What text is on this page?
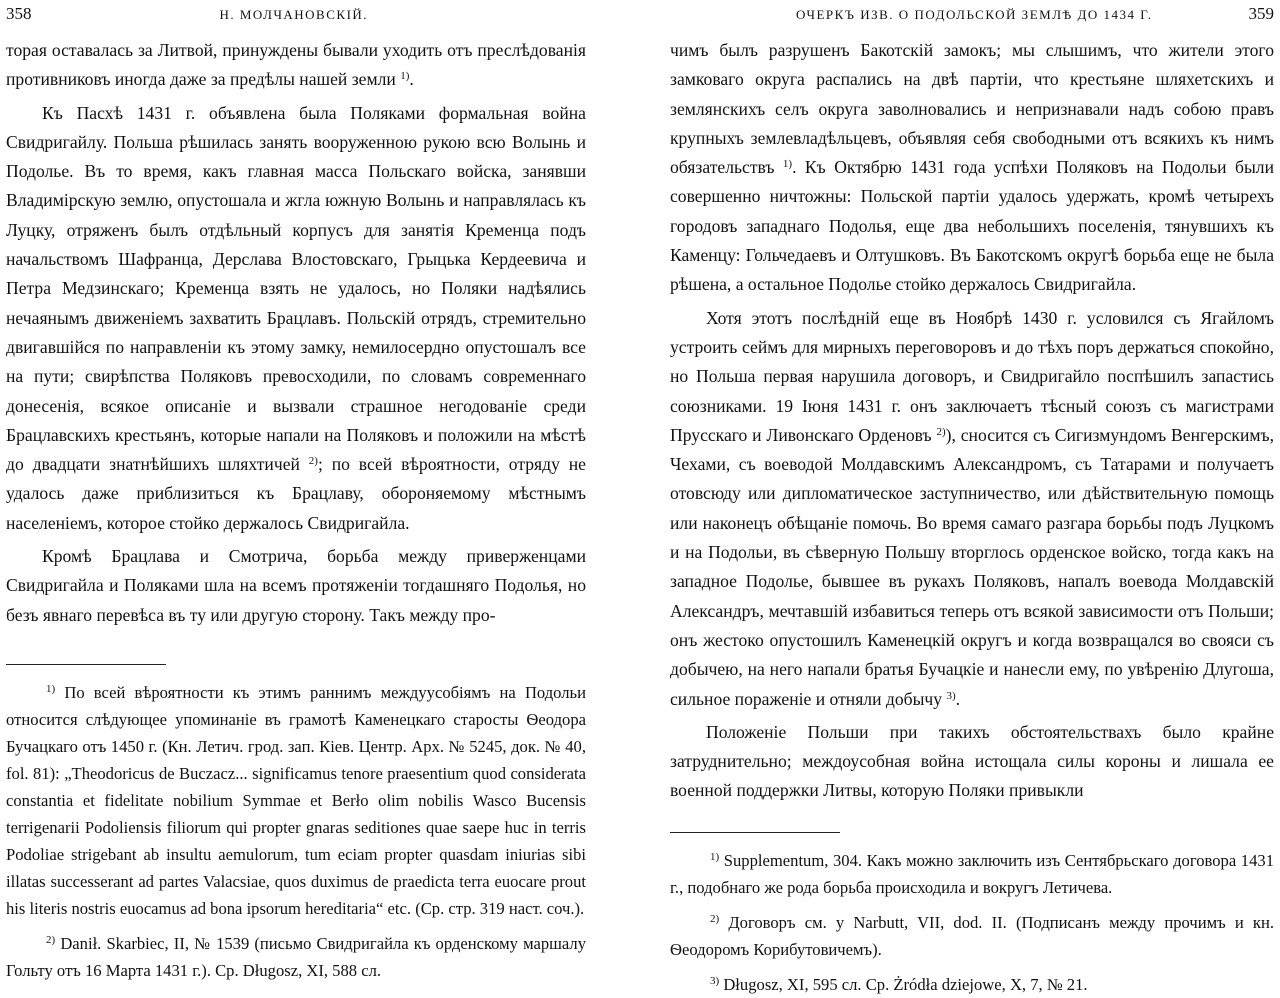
358	Н. МОЛЧАНОВСКІЙ.

торая оставалась за Литвой, принуждены бывали уходить отъ преслѣдованія противниковъ иногда даже за предѣлы нашей земли $^{1)}$.

Къ Пасхѣ 1431 г. объявлена была Поляками формальная война Свидригайлу. Польша рѣшилась занять вооруженною рукою всю Волынь и Подолье. Въ то время, какъ главная масса Польскаго войска, занявши Владимірскую землю, опустошала и жгла южную Волынь и направлялась къ Луцку, отряженъ былъ отдѣльный корпусъ для занятія Кременца подъ начальствомъ Шафранца, Дерслава Влостовскаго, Грыцька Кердеевича и Петра Медзинскаго; Кременца взять не удалось, но Поляки надѣялись нечаянымъ движеніемъ захватить Брацлавъ. Польскій отрядъ, стремительно двигавшійся по направленіи къ этому замку, немилосердно опустошалъ все на пути; свирѣпства Поляковъ превосходили, по словамъ современнаго донесенія, всякое описаніе и вызвали страшное негодованіе среди Брацлавскихъ крестьянъ, которые напали на Поляковъ и положили на мѣстѣ до двадцати знатнѣйшихъ шляхтичей $^{2)}$; по всей вѣроятности, отряду не удалось даже приблизиться къ Брацлаву, обороняемому мѣстнымъ населеніемъ, которое стойко держалось Свидригайла.

Кромѣ Брацлава и Смотрича, борьба между приверженцами Свидригайла и Поляками шла на всемъ протяженіи тогдашняго Подолья, но безъ явнаго перевѣса въ ту или другую сторону. Такъ между про-

$^{1)}$ По всей вѣроятности къ этимъ раннимъ междуусобіямъ на Подольи относится слѣдующее упоминаніе въ грамотѣ Каменецкаго старосты Ѳеодора Бучацкаго отъ 1450 г. (Кн. Летич. грод. зап. Кіев. Центр. Арх. № 5245, док. № 40, fol. 81): „Theodoricus de Buczacz... significamus tenore praesentium quod considerata constantia et fidelitate nobilium Symmae et Berło olim nobilis Wasco Bucensis terrigenarii Podoliensis filiorum qui propter gnaras seditiones quae saepe huc in terris Podoliae strigebant ab insultu aemulorum, tum eciam propter quasdam iniurias sibi illatas successerant ad partes Valacsiae, quos duximus de praedicta terra euocare prout his literis nostris euocamus ad bona ipsorum hereditaria“ etc. (Ср. стр. 319 наст. соч.).

$^{2)}$ Danił. Skarbiec, II, № 1539 (письмо Свидригайла къ орденскому маршалу Гольту отъ 16 Марта 1431 г.). Ср. Długosz, XI, 588 сл.

ОЧЕРКЪ ИЗВ. О ПОДОЛЬСКОЙ ЗЕМЛѢ ДО 1434 Г.	359

чимъ былъ разрушенъ Бакотскій замокъ; мы слышимъ, что жители этого замковаго округа распались на двѣ партіи, что крестьяне шляхетскихъ и землянскихъ селъ округа заволновались и непризнавали надъ собою правъ крупныхъ землевладѣльцевъ, объявляя себя свободными отъ всякихъ къ нимъ обязательствъ $^{1)}$. Къ Октябрю 1431 года успѣхи Поляковъ на Подольи были совершенно ничтожны: Польской партіи удалось удержать, кромѣ четырехъ городовъ западнаго Подолья, еще два небольшихъ поселенія, тянувшихъ къ Каменцу: Гольчедаевъ и Олтушковъ. Въ Бакотскомъ округѣ борьба еще не была рѣшена, а остальное Подолье стойко держалось Свидригайла.

Хотя этотъ послѣдній еще въ Ноябрѣ 1430 г. условился съ Ягайломъ устроить сеймъ для мирныхъ переговоровъ и до тѣхъ поръ держаться спокойно, но Польша первая нарушила договоръ, и Свидригайло поспѣшилъ запастись союзниками. 19 Іюня 1431 г. онъ заключаетъ тѣсный союзъ съ магистрами Прусскаго и Ливонскаго Орденовъ $^{2)}$), сносится съ Сигизмундомъ Венгерскимъ, Чехами, съ воеводой Молдавскимъ Александромъ, съ Татарами и получаетъ отовсюду или дипломатическое заступничество, или дѣйствительную помощь или наконецъ обѣщаніе помочь. Во время самаго разгара борьбы подъ Луцкомъ и на Подольи, въ сѣверную Польшу вторглось орденское войско, тогда какъ на западное Подолье, бывшее въ рукахъ Поляковъ, напалъ воевода Молдавскій Александръ, мечтавшій избавиться теперь отъ всякой зависимости отъ Польши; онъ жестоко опустошилъ Каменецкій округъ и когда возвращался во свояси съ добычею, на него напали братья Бучацкіе и нанесли ему, по увѣренію Длугоша, сильное пораженіе и отняли добычу $^{3)}$.

Положеніе Польши при такихъ обстоятельствахъ было крайне затруднительно; междоусобная война истощала силы короны и лишала ее военной поддержки Литвы, которую Поляки привыкли

$^{1)}$ Supplementum, 304. Какъ можно заключить изъ Сентябрьскаго договора 1431 г., подобнаго же рода борьба происходила и вокругъ Летичева.

$^{2)}$ Договоръ см. у Narbutt, VII, dod. II. (Подписанъ между прочимъ и кн. Ѳеодоромъ Корибутовичемъ).

$^{3)}$ Długosz, XI, 595 сл. Ср. Żródła dziejowe, X, 7, № 21.
